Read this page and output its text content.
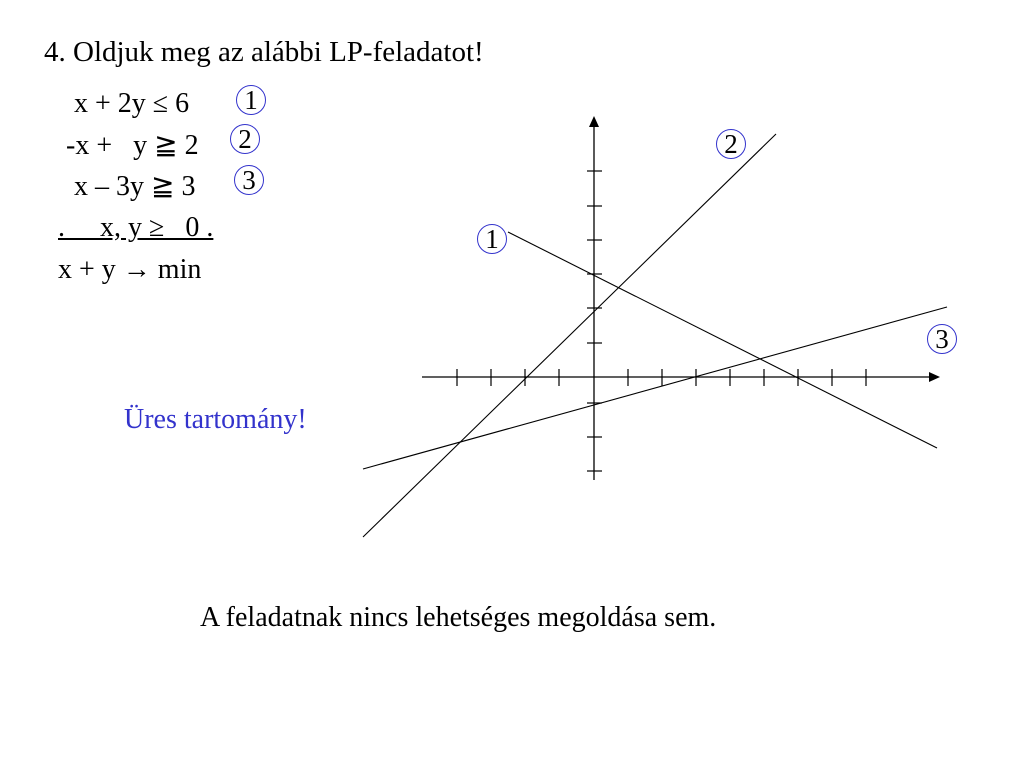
4. Oldjuk meg az alábbi LP-feladatot!
x + 2y ≤ 6
-x +   y ≧ 2
x – 3y ≧ 3
.     x, y ≥   0 .
x + y → min
1
2
3
1
2
3
Üres tartomány!
A feladatnak nincs lehetséges megoldása sem.
